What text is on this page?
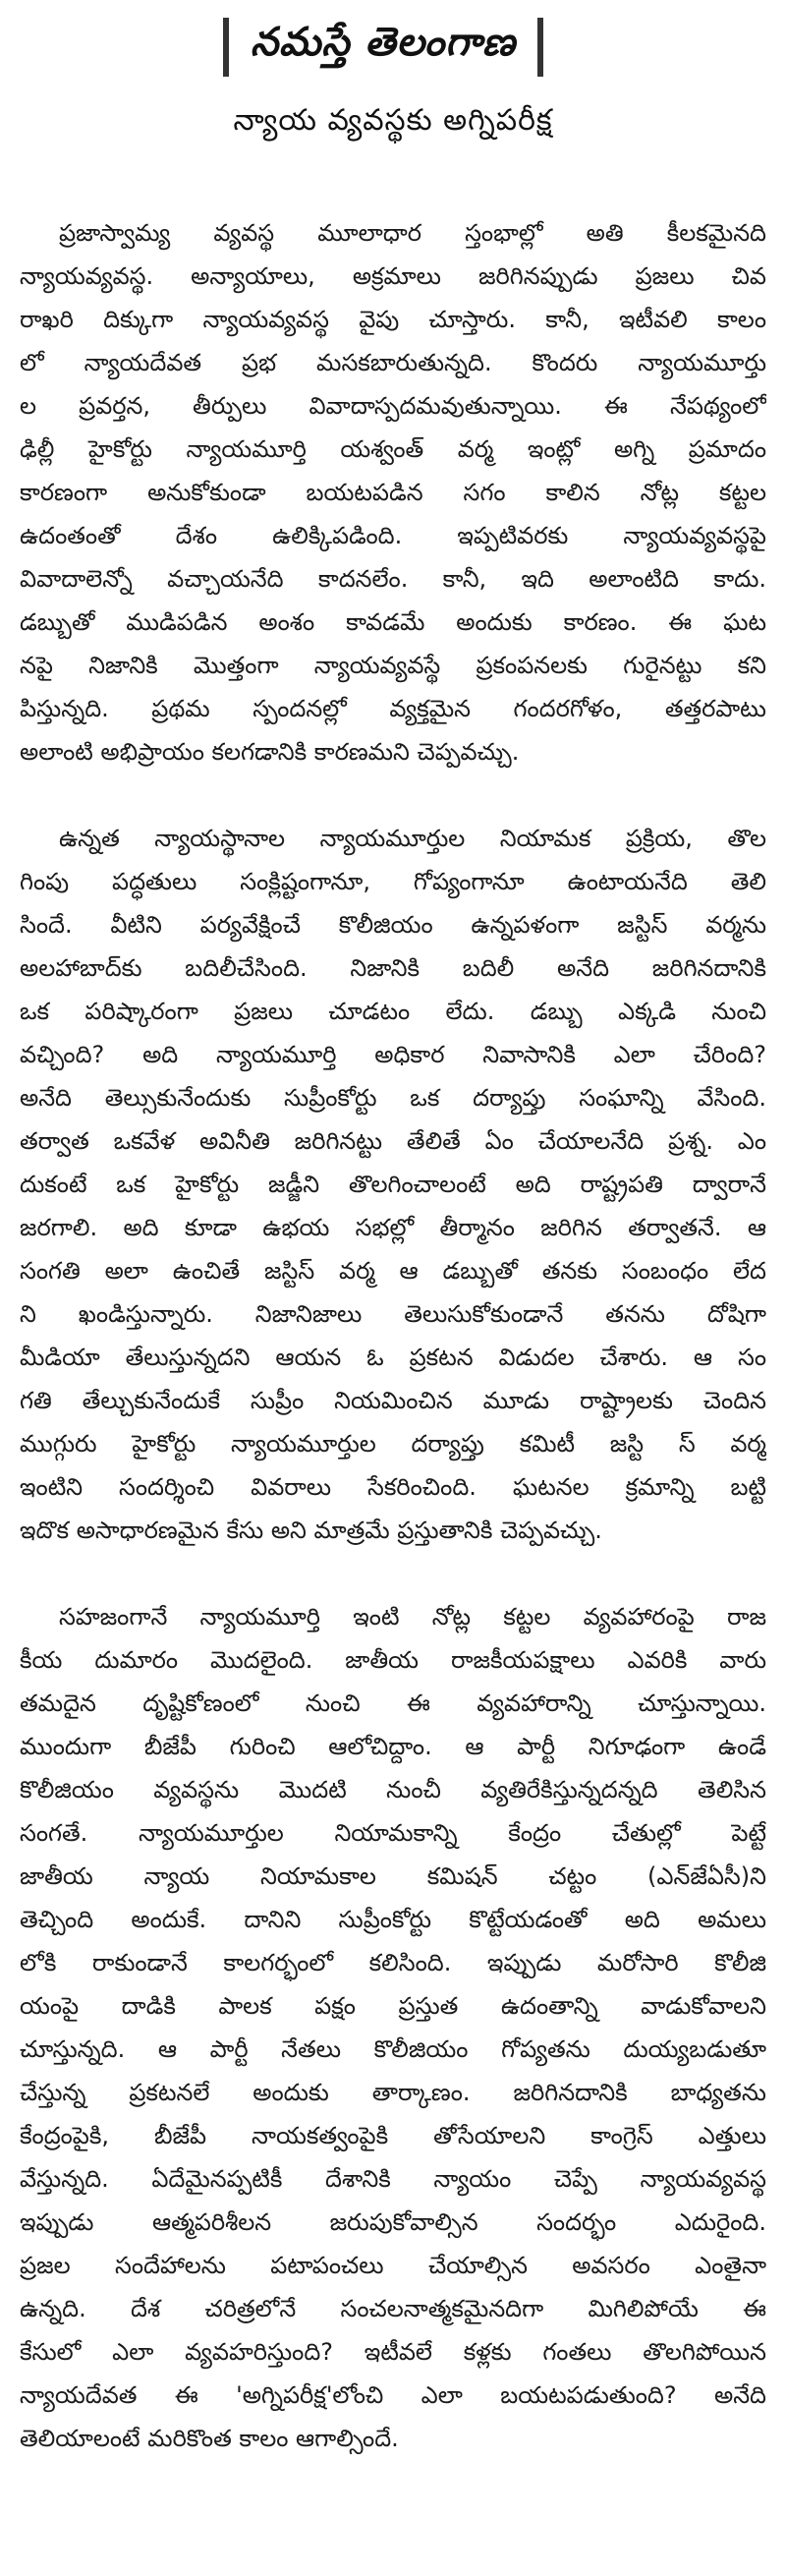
నమస్తే తెలంగాణ
న్యాయ వ్యవస్థకు అగ్నిపరీక్ష
ప్రజాస్వామ్య వ్యవస్థ మూలాధార స్తంభాల్లో అతి కీలకమైనది
న్యాయవ్యవస్థ. అన్యాయాలు, అక్రమాలు జరిగినప్పుడు ప్రజలు చివ
రాఖరి దిక్కుగా న్యాయవ్యవస్థ వైపు చూస్తారు. కానీ, ఇటీవలి కాలం
లో న్యాయదేవత ప్రభ మసకబారుతున్నది. కొందరు న్యాయమూర్తు
ల ప్రవర్తన, తీర్పులు వివాదాస్పదమవుతున్నాయి. ఈ నేపథ్యంలో
ఢిల్లీ హైకోర్టు న్యాయమూర్తి యశ్వంత్ వర్మ ఇంట్లో అగ్ని ప్రమాదం
కారణంగా అనుకోకుండా బయటపడిన సగం కాలిన నోట్ల కట్టల
ఉదంతంతో దేశం ఉలిక్కిపడింది. ఇప్పటివరకు న్యాయవ్యవస్థపై
వివాదాలెన్నో వచ్చాయనేది కాదనలేం. కానీ, ఇది అలాంటిది కాదు.
డబ్బుతో ముడిపడిన అంశం కావడమే అందుకు కారణం. ఈ ఘట
నపై నిజానికి మొత్తంగా న్యాయవ్యవస్థే ప్రకంపనలకు గురైనట్టు కని
పిస్తున్నది. ప్రథమ స్పందనల్లో వ్యక్తమైన గందరగోళం, తత్తరపాటు
అలాంటి అభిప్రాయం కలగడానికి కారణమని చెప్పవచ్చు.
ఉన్నత న్యాయస్థానాల న్యాయమూర్తుల నియామక ప్రక్రియ, తొల
గింపు పద్ధతులు సంక్లిష్టంగానూ, గోప్యంగానూ ఉంటాయనేది తెలి
సిందే. వీటిని పర్యవేక్షించే కొలీజియం ఉన్నపళంగా జస్టిస్ వర్మను
అలహాబాద్‌కు బదిలీచేసింది. నిజానికి బదిలీ అనేది జరిగినదానికి
ఒక పరిష్కారంగా ప్రజలు చూడటం లేదు. డబ్బు ఎక్కడి నుంచి
వచ్చింది? అది న్యాయమూర్తి అధికార నివాసానికి ఎలా చేరింది?
అనేది తెల్సుకునేందుకు సుప్రీంకోర్టు ఒక దర్యాప్తు సంఘాన్ని వేసింది.
తర్వాత ఒకవేళ అవినీతి జరిగినట్టు తేలితే ఏం చేయాలనేది ప్రశ్న. ఎం
దుకంటే ఒక హైకోర్టు జడ్జీని తొలగించాలంటే అది రాష్ట్రపతి ద్వారానే
జరగాలి. అది కూడా ఉభయ సభల్లో తీర్మానం జరిగిన తర్వాతనే. ఆ
సంగతి అలా ఉంచితే జస్టిస్ వర్మ ఆ డబ్బుతో తనకు సంబంధం లేద
ని ఖండిస్తున్నారు. నిజానిజాలు తెలుసుకోకుండానే తనను దోషిగా
మీడియా తేలుస్తున్నదని ఆయన ఓ ప్రకటన విడుదల చేశారు. ఆ సం
గతి తేల్చుకునేందుకే సుప్రీం నియమించిన మూడు రాష్ట్రాలకు చెందిన
ముగ్గురు హైకోర్టు న్యాయమూర్తుల దర్యాప్తు కమిటీ జస్టి స్ వర్మ
ఇంటిని సందర్శించి వివరాలు సేకరించింది. ఘటనల క్రమాన్ని బట్టి
ఇదొక అసాధారణమైన కేసు అని మాత్రమే ప్రస్తుతానికి చెప్పవచ్చు.
సహజంగానే న్యాయమూర్తి ఇంటి నోట్ల కట్టల వ్యవహారంపై రాజ
కీయ దుమారం మొదలైంది. జాతీయ రాజకీయపక్షాలు ఎవరికి వారు
తమదైన దృష్టికోణంలో నుంచి ఈ వ్యవహారాన్ని చూస్తున్నాయి.
ముందుగా బీజేపీ గురించి ఆలోచిద్దాం. ఆ పార్టీ నిగూఢంగా ఉండే
కొలీజియం వ్యవస్థను మొదటి నుంచీ వ్యతిరేకిస్తున్నదన్నది తెలిసిన
సంగతే. న్యాయమూర్తుల నియామకాన్ని కేంద్రం చేతుల్లో పెట్టే
జాతీయ న్యాయ నియామకాల కమిషన్ చట్టం (ఎన్‌జేఏసీ)ని
తెచ్చింది అందుకే. దానిని సుప్రీంకోర్టు కొట్టేయడంతో అది అమలు
లోకి రాకుండానే కాలగర్భంలో కలిసింది. ఇప్పుడు మరోసారి కొలీజి
యంపై దాడికి పాలక పక్షం ప్రస్తుత ఉదంతాన్ని వాడుకోవాలని
చూస్తున్నది. ఆ పార్టీ నేతలు కొలీజియం గోప్యతను దుయ్యబడుతూ
చేస్తున్న ప్రకటనలే అందుకు తార్కాణం. జరిగినదానికి బాధ్యతను
కేంద్రంపైకి, బీజేపీ నాయకత్వంపైకి తోసేయాలని కాంగ్రెస్ ఎత్తులు
వేస్తున్నది. ఏదేమైనప్పటికీ దేశానికి న్యాయం చెప్పే న్యాయవ్యవస్థ
ఇప్పుడు ఆత్మపరిశీలన జరుపుకోవాల్సిన సందర్భం ఎదురైంది.
ప్రజల సందేహాలను పటాపంచలు చేయాల్సిన అవసరం ఎంతైనా
ఉన్నది. దేశ చరిత్రలోనే సంచలనాత్మకమైనదిగా మిగిలిపోయే ఈ
కేసులో ఎలా వ్యవహరిస్తుంది? ఇటీవలే కళ్లకు గంతలు తొలగిపోయిన
న్యాయదేవత ఈ 'అగ్నిపరీక్ష'లోంచి ఎలా బయటపడుతుంది? అనేది
తెలియాలంటే మరికొంత కాలం ఆగాల్సిందే.
